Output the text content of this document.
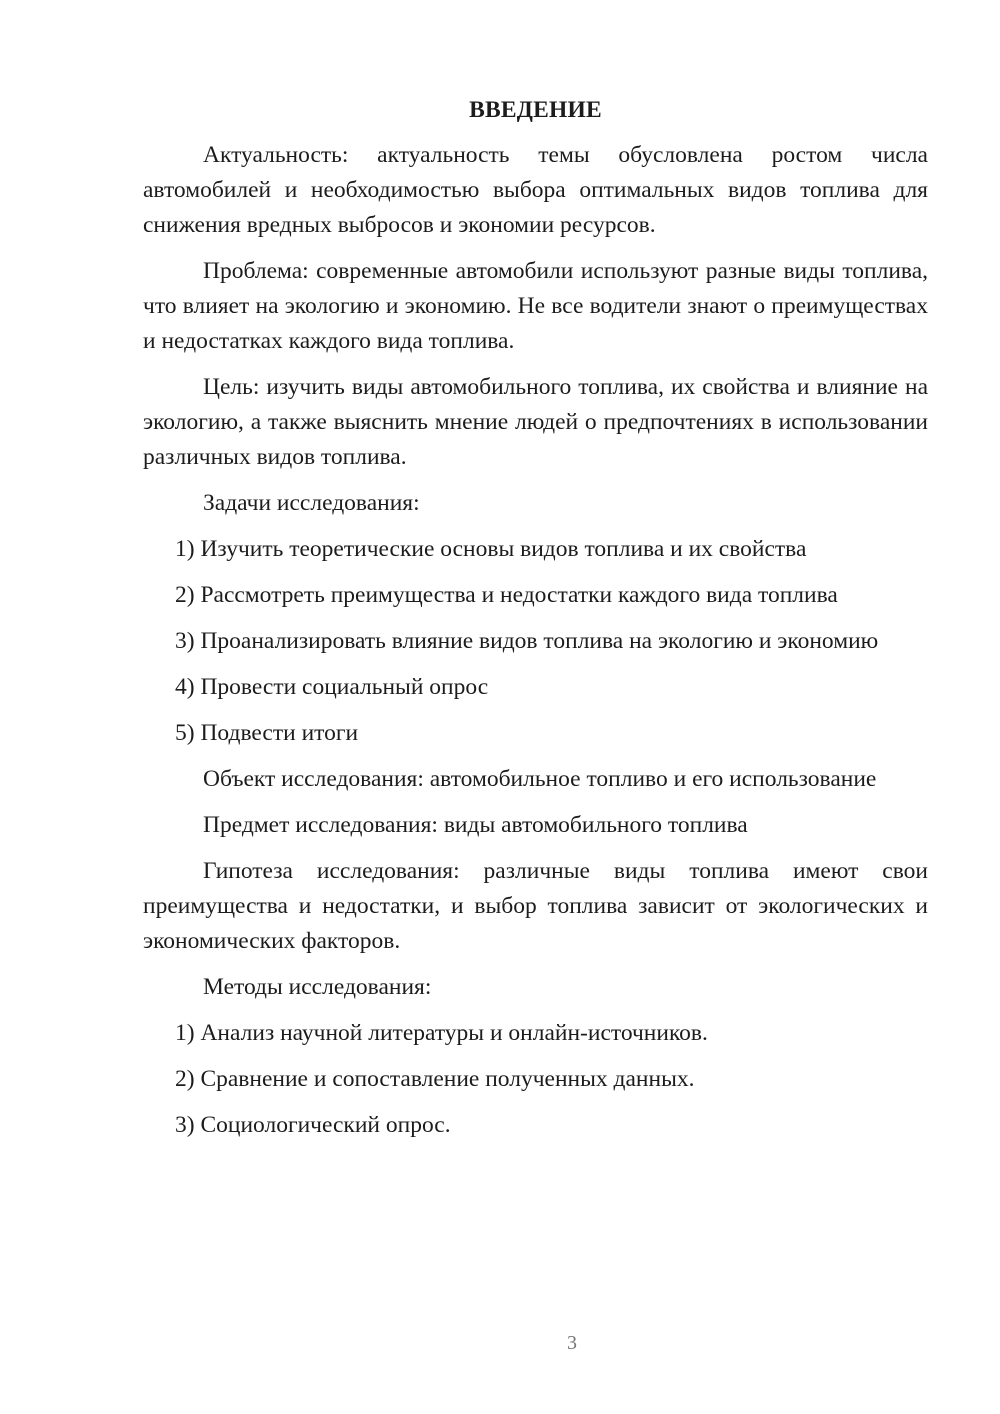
ВВЕДЕНИЕ
Актуальность: актуальность темы обусловлена ростом числа автомобилей и необходимостью выбора оптимальных видов топлива для снижения вредных выбросов и экономии ресурсов.
Проблема: современные автомобили используют разные виды топлива, что влияет на экологию и экономию. Не все водители знают о преимуществах и недостатках каждого вида топлива.
Цель: изучить виды автомобильного топлива, их свойства и влияние на экологию, а также выяснить мнение людей о предпочтениях в использовании различных видов топлива.
Задачи исследования:
1) Изучить теоретические основы видов топлива и их свойства
2) Рассмотреть преимущества и недостатки каждого вида топлива
3) Проанализировать влияние видов топлива на экологию и экономию
4) Провести социальный опрос
5) Подвести итоги
Объект исследования: автомобильное топливо и его использование
Предмет исследования: виды автомобильного топлива
Гипотеза исследования: различные виды топлива имеют свои преимущества и недостатки, и выбор топлива зависит от экологических и экономических факторов.
Методы исследования:
1) Анализ научной литературы и онлайн-источников.
2) Сравнение и сопоставление полученных данных.
3) Социологический опрос.
3
